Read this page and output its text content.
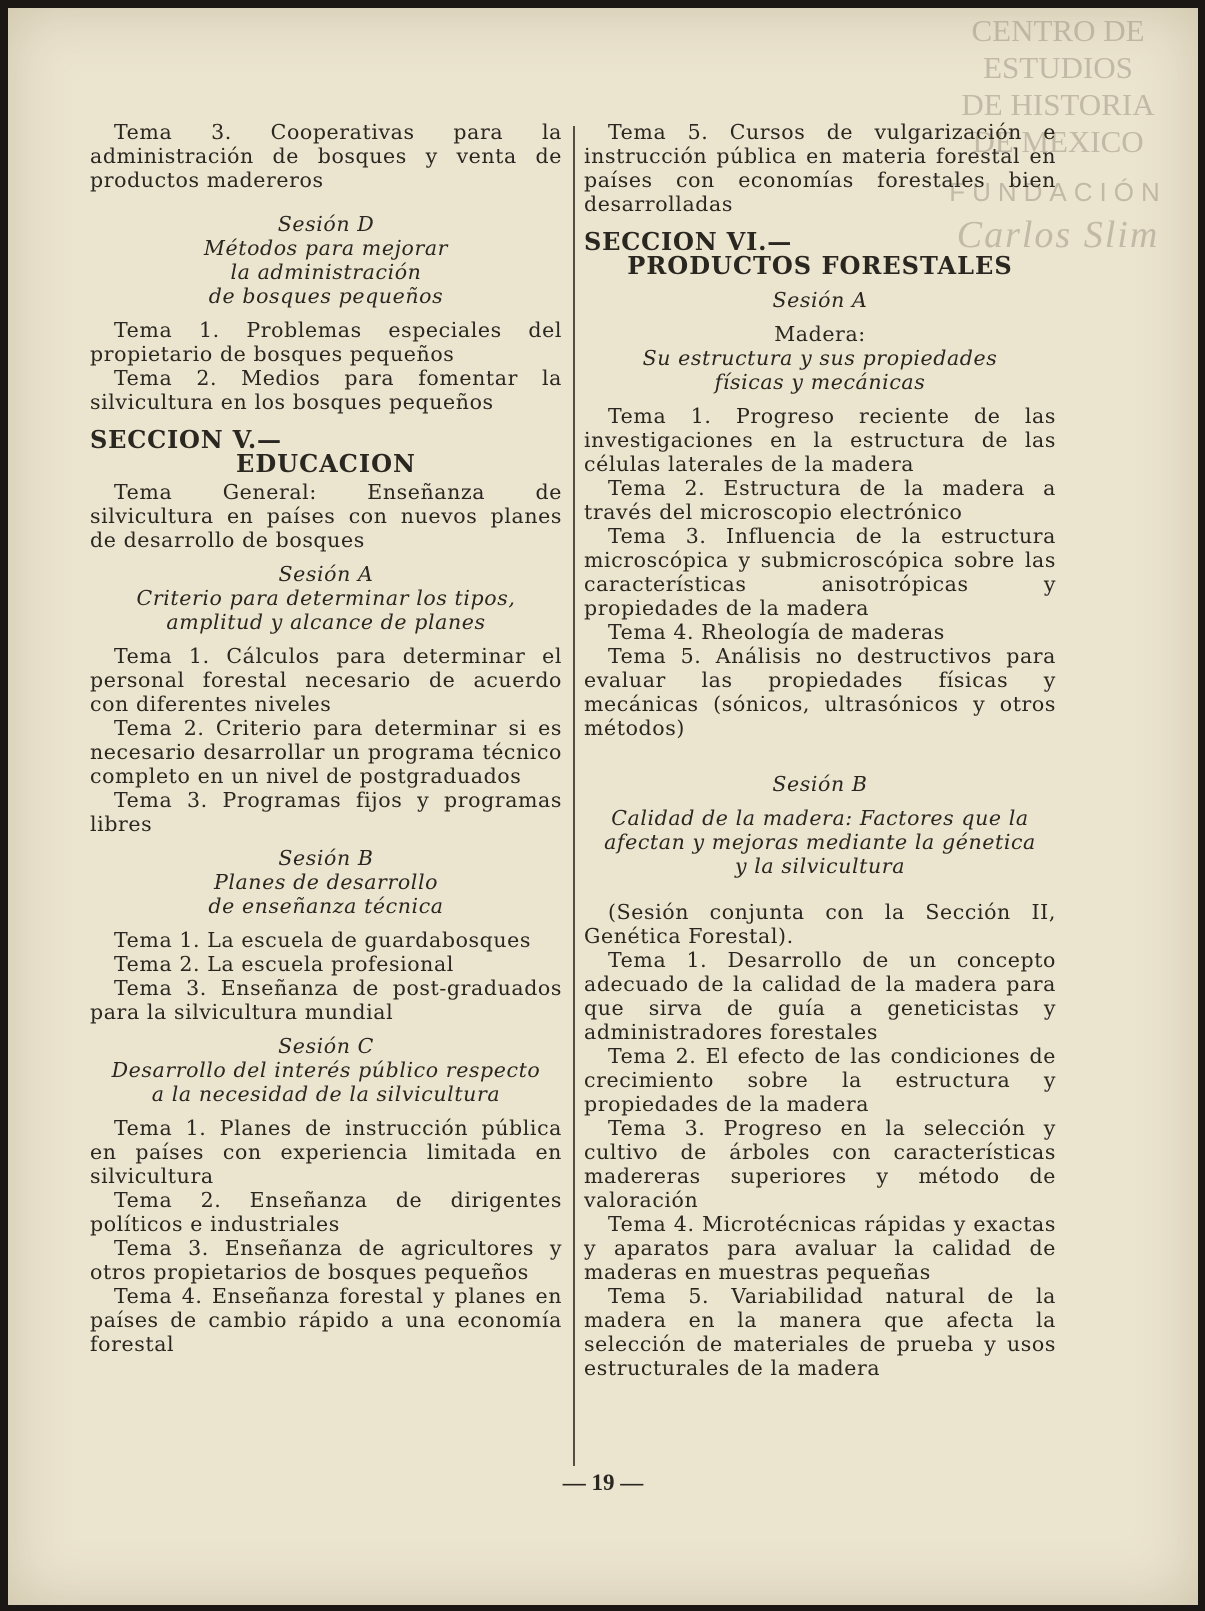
CENTRO DE
ESTUDIOS
DE HISTORIA
DE MEXICO
FUNDACIÓN
Carlos Slim

Tema 3. Cooperativas para la administración de bosques y venta de productos madereros

Sesión D
Métodos para mejorar
la administración
de bosques pequeños

Tema 1. Problemas especiales del propietario de bosques pequeños

Tema 2. Medios para fomentar la silvicultura en los bosques pequeños

SECCION V.—
EDUCACION

Tema General: Enseñanza de silvicultura en países con nuevos planes de desarrollo de bosques

Sesión A
Criterio para determinar los tipos,
amplitud y alcance de planes

Tema 1. Cálculos para determinar el personal forestal necesario de acuerdo con diferentes niveles

Tema 2. Criterio para determinar si es necesario desarrollar un programa técnico completo en un nivel de postgraduados

Tema 3. Programas fijos y programas libres

Sesión B
Planes de desarrollo
de enseñanza técnica

Tema 1. La escuela de guardabosques

Tema 2. La escuela profesional

Tema 3. Enseñanza de post-graduados para la silvicultura mundial

Sesión C
Desarrollo del interés público respecto
a la necesidad de la silvicultura

Tema 1. Planes de instrucción pública en países con experiencia limitada en silvicultura

Tema 2. Enseñanza de dirigentes políticos e industriales

Tema 3. Enseñanza de agricultores y otros propietarios de bosques pequeños

Tema 4. Enseñanza forestal y planes en países de cambio rápido a una economía forestal

Tema 5. Cursos de vulgarización e instrucción pública en materia forestal en países con economías forestales bien desarrolladas

SECCION VI.—
PRODUCTOS FORESTALES
Sesión A
Madera:
Su estructura y sus propiedades
físicas y mecánicas

Tema 1. Progreso reciente de las investigaciones en la estructura de las células laterales de la madera

Tema 2. Estructura de la madera a través del microscopio electrónico

Tema 3. Influencia de la estructura microscópica y submicroscópica sobre las características anisotrópicas y propiedades de la madera

Tema 4. Rheología de maderas

Tema 5. Análisis no destructivos para evaluar las propiedades físicas y mecánicas (sónicos, ultrasónicos y otros métodos)

Sesión B
Calidad de la madera: Factores que la
afectan y mejoras mediante la génetica
y la silvicultura

(Sesión conjunta con la Sección II, Genética Forestal).

Tema 1. Desarrollo de un concepto adecuado de la calidad de la madera para que sirva de guía a geneticistas y administradores forestales

Tema 2. El efecto de las condiciones de crecimiento sobre la estructura y propiedades de la madera

Tema 3. Progreso en la selección y cultivo de árboles con características madereras superiores y método de valoración

Tema 4. Microtécnicas rápidas y exactas y aparatos para avaluar la calidad de maderas en muestras pequeñas

Tema 5. Variabilidad natural de la madera en la manera que afecta la selección de materiales de prueba y usos estructurales de la madera

— 19 —
